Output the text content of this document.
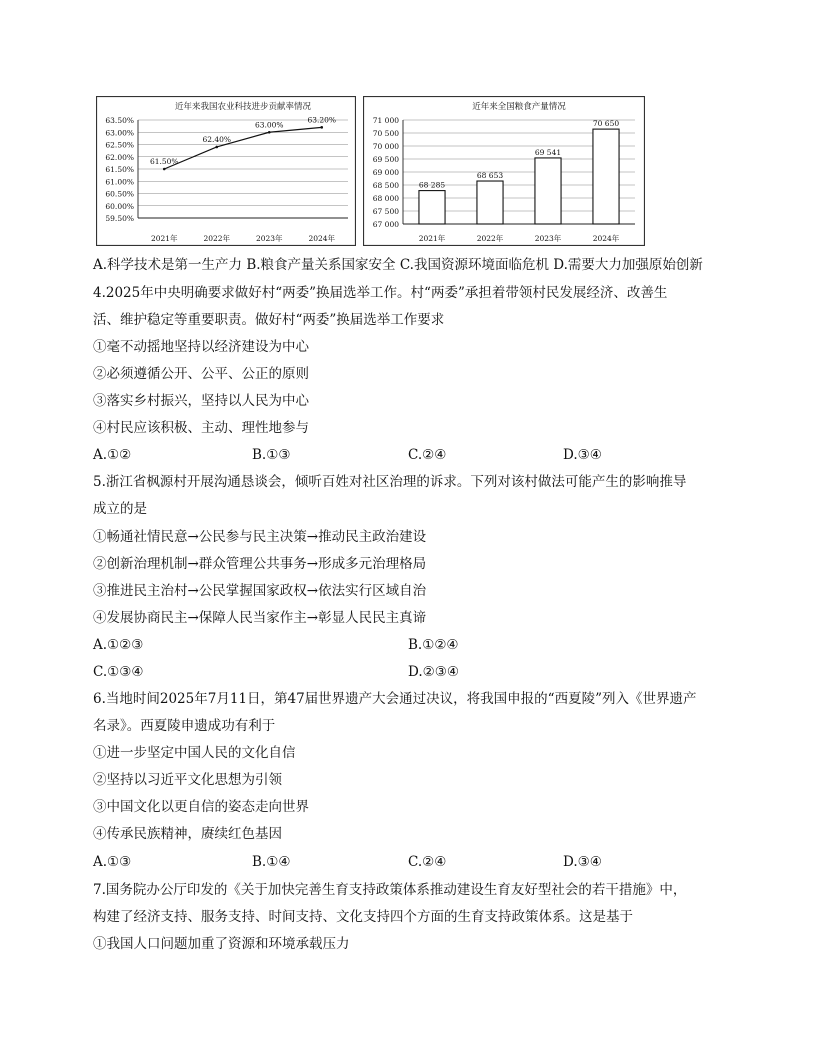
近年来我国农业科技进步贡献率情况
63.50%
63.00%
62.50%
62.00%
61.50%
61.00%
60.50%
60.00%
59.50%
2021年	2022年	2023年	2024年
61.50%
62.40%
63.00%
63.20%
近年来全国粮食产量情况
71 000
70 500
70 000
69 500
69 000
68 500
68 000
67 500
67 000
2021年	2022年	2023年	2024年
68 285
68 653
69 541
70 650
A.科学技术是第一生产力 B.粮食产量关系国家安全 C.我国资源环境面临危机 D.需要大力加强原始创新
4.2025年中央明确要求做好村“两委”换届选举工作。村“两委”承担着带领村民发展经济、改善生
活、维护稳定等重要职责。做好村“两委”换届选举工作要求
①毫不动摇地坚持以经济建设为中心
②必须遵循公开、公平、公正的原则
③落实乡村振兴，坚持以人民为中心
④村民应该积极、主动、理性地参与
A.①②	B.①③	C.②④	D.③④
5.浙江省枫源村开展沟通恳谈会，倾听百姓对社区治理的诉求。下列对该村做法可能产生的影响推导
成立的是
①畅通社情民意→公民参与民主决策→推动民主政治建设
②创新治理机制→群众管理公共事务→形成多元治理格局
③推进民主治村→公民掌握国家政权→依法实行区域自治
④发展协商民主→保障人民当家作主→彰显人民民主真谛
A.①②③	B.①②④
C.①③④	D.②③④
6.当地时间2025年7月11日，第47届世界遗产大会通过决议，将我国申报的“西夏陵”列入《世界遗产
名录》。西夏陵申遗成功有利于
①进一步坚定中国人民的文化自信
②坚持以习近平文化思想为引领
③中国文化以更自信的姿态走向世界
④传承民族精神，赓续红色基因
A.①③	B.①④	C.②④	D.③④
7.国务院办公厅印发的《关于加快完善生育支持政策体系推动建设生育友好型社会的若干措施》中，
构建了经济支持、服务支持、时间支持、文化支持四个方面的生育支持政策体系。这是基于
①我国人口问题加重了资源和环境承载压力
